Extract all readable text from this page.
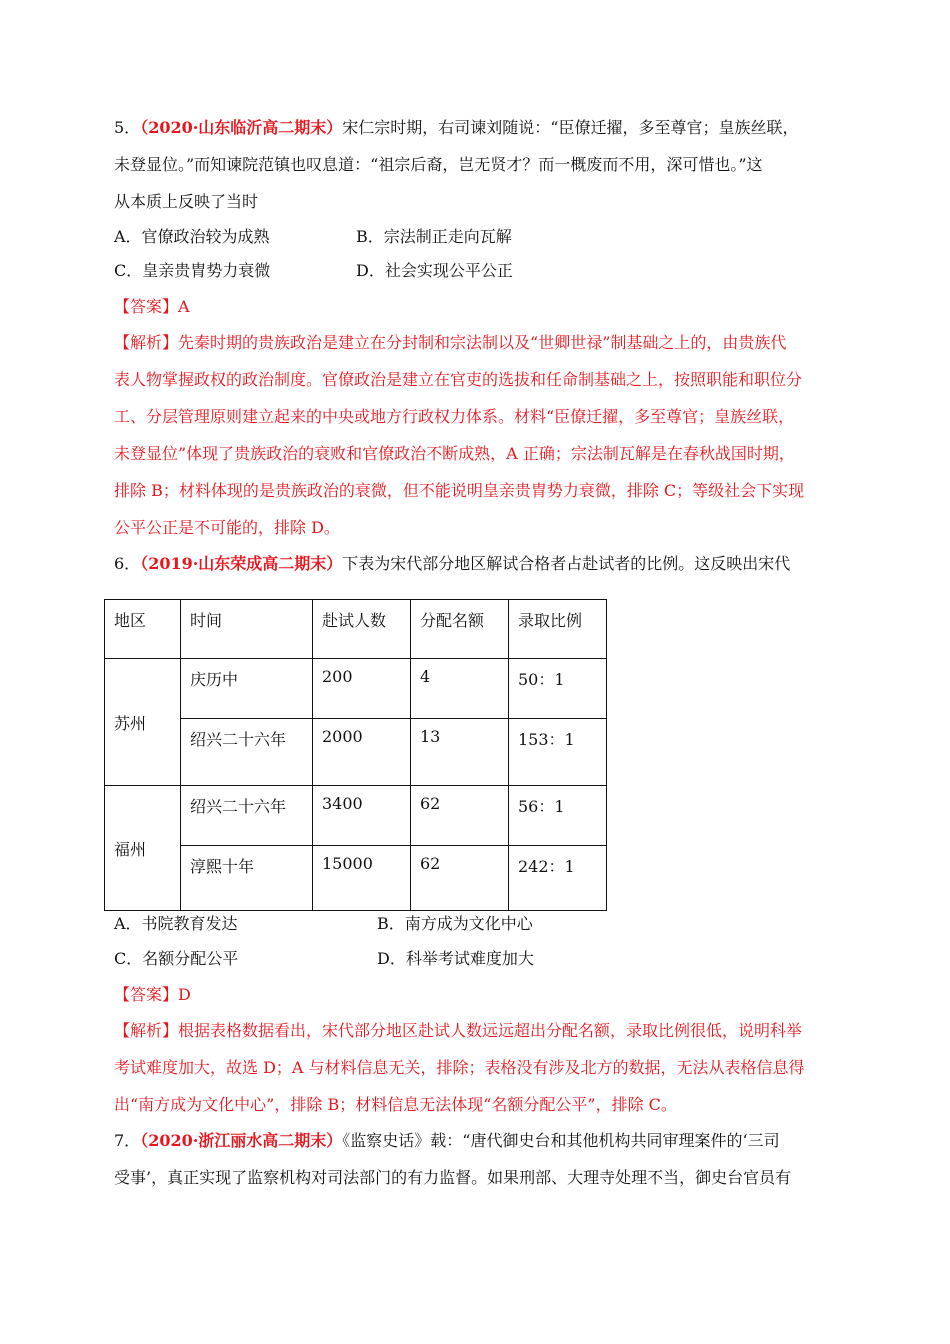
5．（2020·山东临沂高二期末）宋仁宗时期，右司谏刘随说：“臣僚迁擢，多至尊官；皇族丝联，
未登显位。”而知谏院范镇也叹息道：“祖宗后裔，岂无贤才？而一概废而不用，深可惜也。”这
从本质上反映了当时
A．官僚政治较为成熟	B．宗法制正走向瓦解
C．皇亲贵胄势力衰微	D．社会实现公平公正
【答案】A
【解析】先秦时期的贵族政治是建立在分封制和宗法制以及“世卿世禄”制基础之上的，由贵族代
表人物掌握政权的政治制度。官僚政治是建立在官吏的选拔和任命制基础之上，按照职能和职位分
工、分层管理原则建立起来的中央或地方行政权力体系。材料“臣僚迁擢，多至尊官；皇族丝联，
未登显位”体现了贵族政治的衰败和官僚政治不断成熟，A 正确；宗法制瓦解是在春秋战国时期，
排除 B；材料体现的是贵族政治的衰微，但不能说明皇亲贵胄势力衰微，排除 C；等级社会下实现
公平公正是不可能的，排除 D。
6．（2019·山东荣成高二期末）下表为宋代部分地区解试合格者占赴试者的比例。这反映出宋代
地区	时间	赴试人数	分配名额	录取比例
苏州	庆历中	200	4	50：1
	绍兴二十六年	2000	13	153：1
福州	绍兴二十六年	3400	62	56：1
	淳熙十年	15000	62	242：1
A．书院教育发达	B．南方成为文化中心
C．名额分配公平	D．科举考试难度加大
【答案】D
【解析】根据表格数据看出，宋代部分地区赴试人数远远超出分配名额，录取比例很低，说明科举
考试难度加大，故选 D；A 与材料信息无关，排除；表格没有涉及北方的数据，无法从表格信息得
出“南方成为文化中心”，排除 B；材料信息无法体现“名额分配公平”，排除 C。
7．（2020·浙江丽水高二期末）《监察史话》载：“唐代御史台和其他机构共同审理案件的‘三司
受事’，真正实现了监察机构对司法部门的有力监督。如果刑部、大理寺处理不当，御史台官员有
